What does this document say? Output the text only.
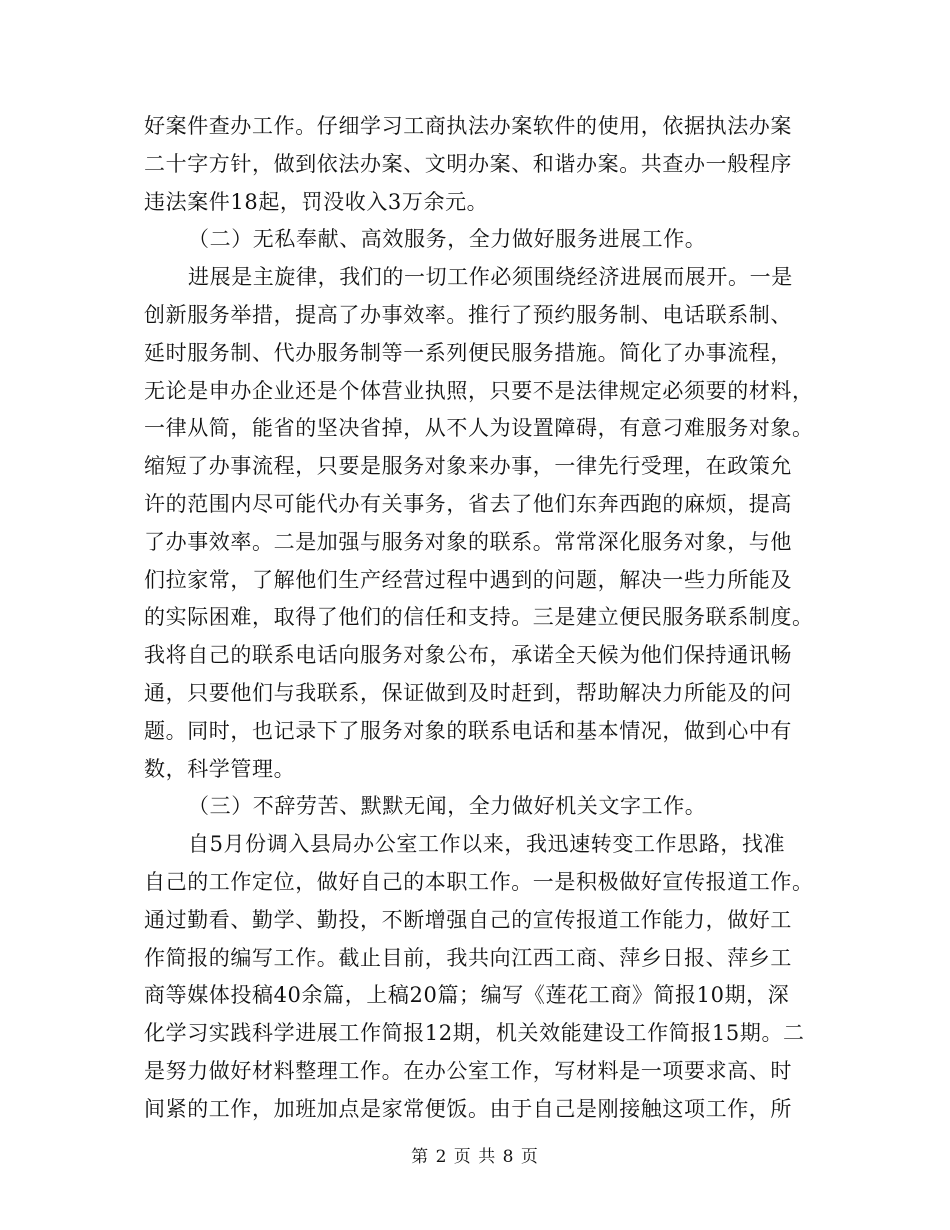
好案件查办工作。仔细学习工商执法办案软件的使用，依据执法办案
二十字方针，做到依法办案、文明办案、和谐办案。共查办一般程序
违法案件18起，罚没收入3万余元。
（二）无私奉献、高效服务，全力做好服务进展工作。
进展是主旋律，我们的一切工作必须围绕经济进展而展开。一是
创新服务举措，提高了办事效率。推行了预约服务制、电话联系制、
延时服务制、代办服务制等一系列便民服务措施。简化了办事流程，
无论是申办企业还是个体营业执照，只要不是法律规定必须要的材料，
一律从简，能省的坚决省掉，从不人为设置障碍，有意刁难服务对象。
缩短了办事流程，只要是服务对象来办事，一律先行受理，在政策允
许的范围内尽可能代办有关事务，省去了他们东奔西跑的麻烦，提高
了办事效率。二是加强与服务对象的联系。常常深化服务对象，与他
们拉家常，了解他们生产经营过程中遇到的问题，解决一些力所能及
的实际困难，取得了他们的信任和支持。三是建立便民服务联系制度。
我将自己的联系电话向服务对象公布，承诺全天候为他们保持通讯畅
通，只要他们与我联系，保证做到及时赶到，帮助解决力所能及的问
题。同时，也记录下了服务对象的联系电话和基本情况，做到心中有
数，科学管理。
（三）不辞劳苦、默默无闻，全力做好机关文字工作。
自5月份调入县局办公室工作以来，我迅速转变工作思路，找准
自己的工作定位，做好自己的本职工作。一是积极做好宣传报道工作。
通过勤看、勤学、勤投，不断增强自己的宣传报道工作能力，做好工
作简报的编写工作。截止目前，我共向江西工商、萍乡日报、萍乡工
商等媒体投稿40余篇，上稿20篇；编写《莲花工商》简报10期，深
化学习实践科学进展工作简报12期，机关效能建设工作简报15期。二
是努力做好材料整理工作。在办公室工作，写材料是一项要求高、时
间紧的工作，加班加点是家常便饭。由于自己是刚接触这项工作，所
第 2 页 共 8 页
